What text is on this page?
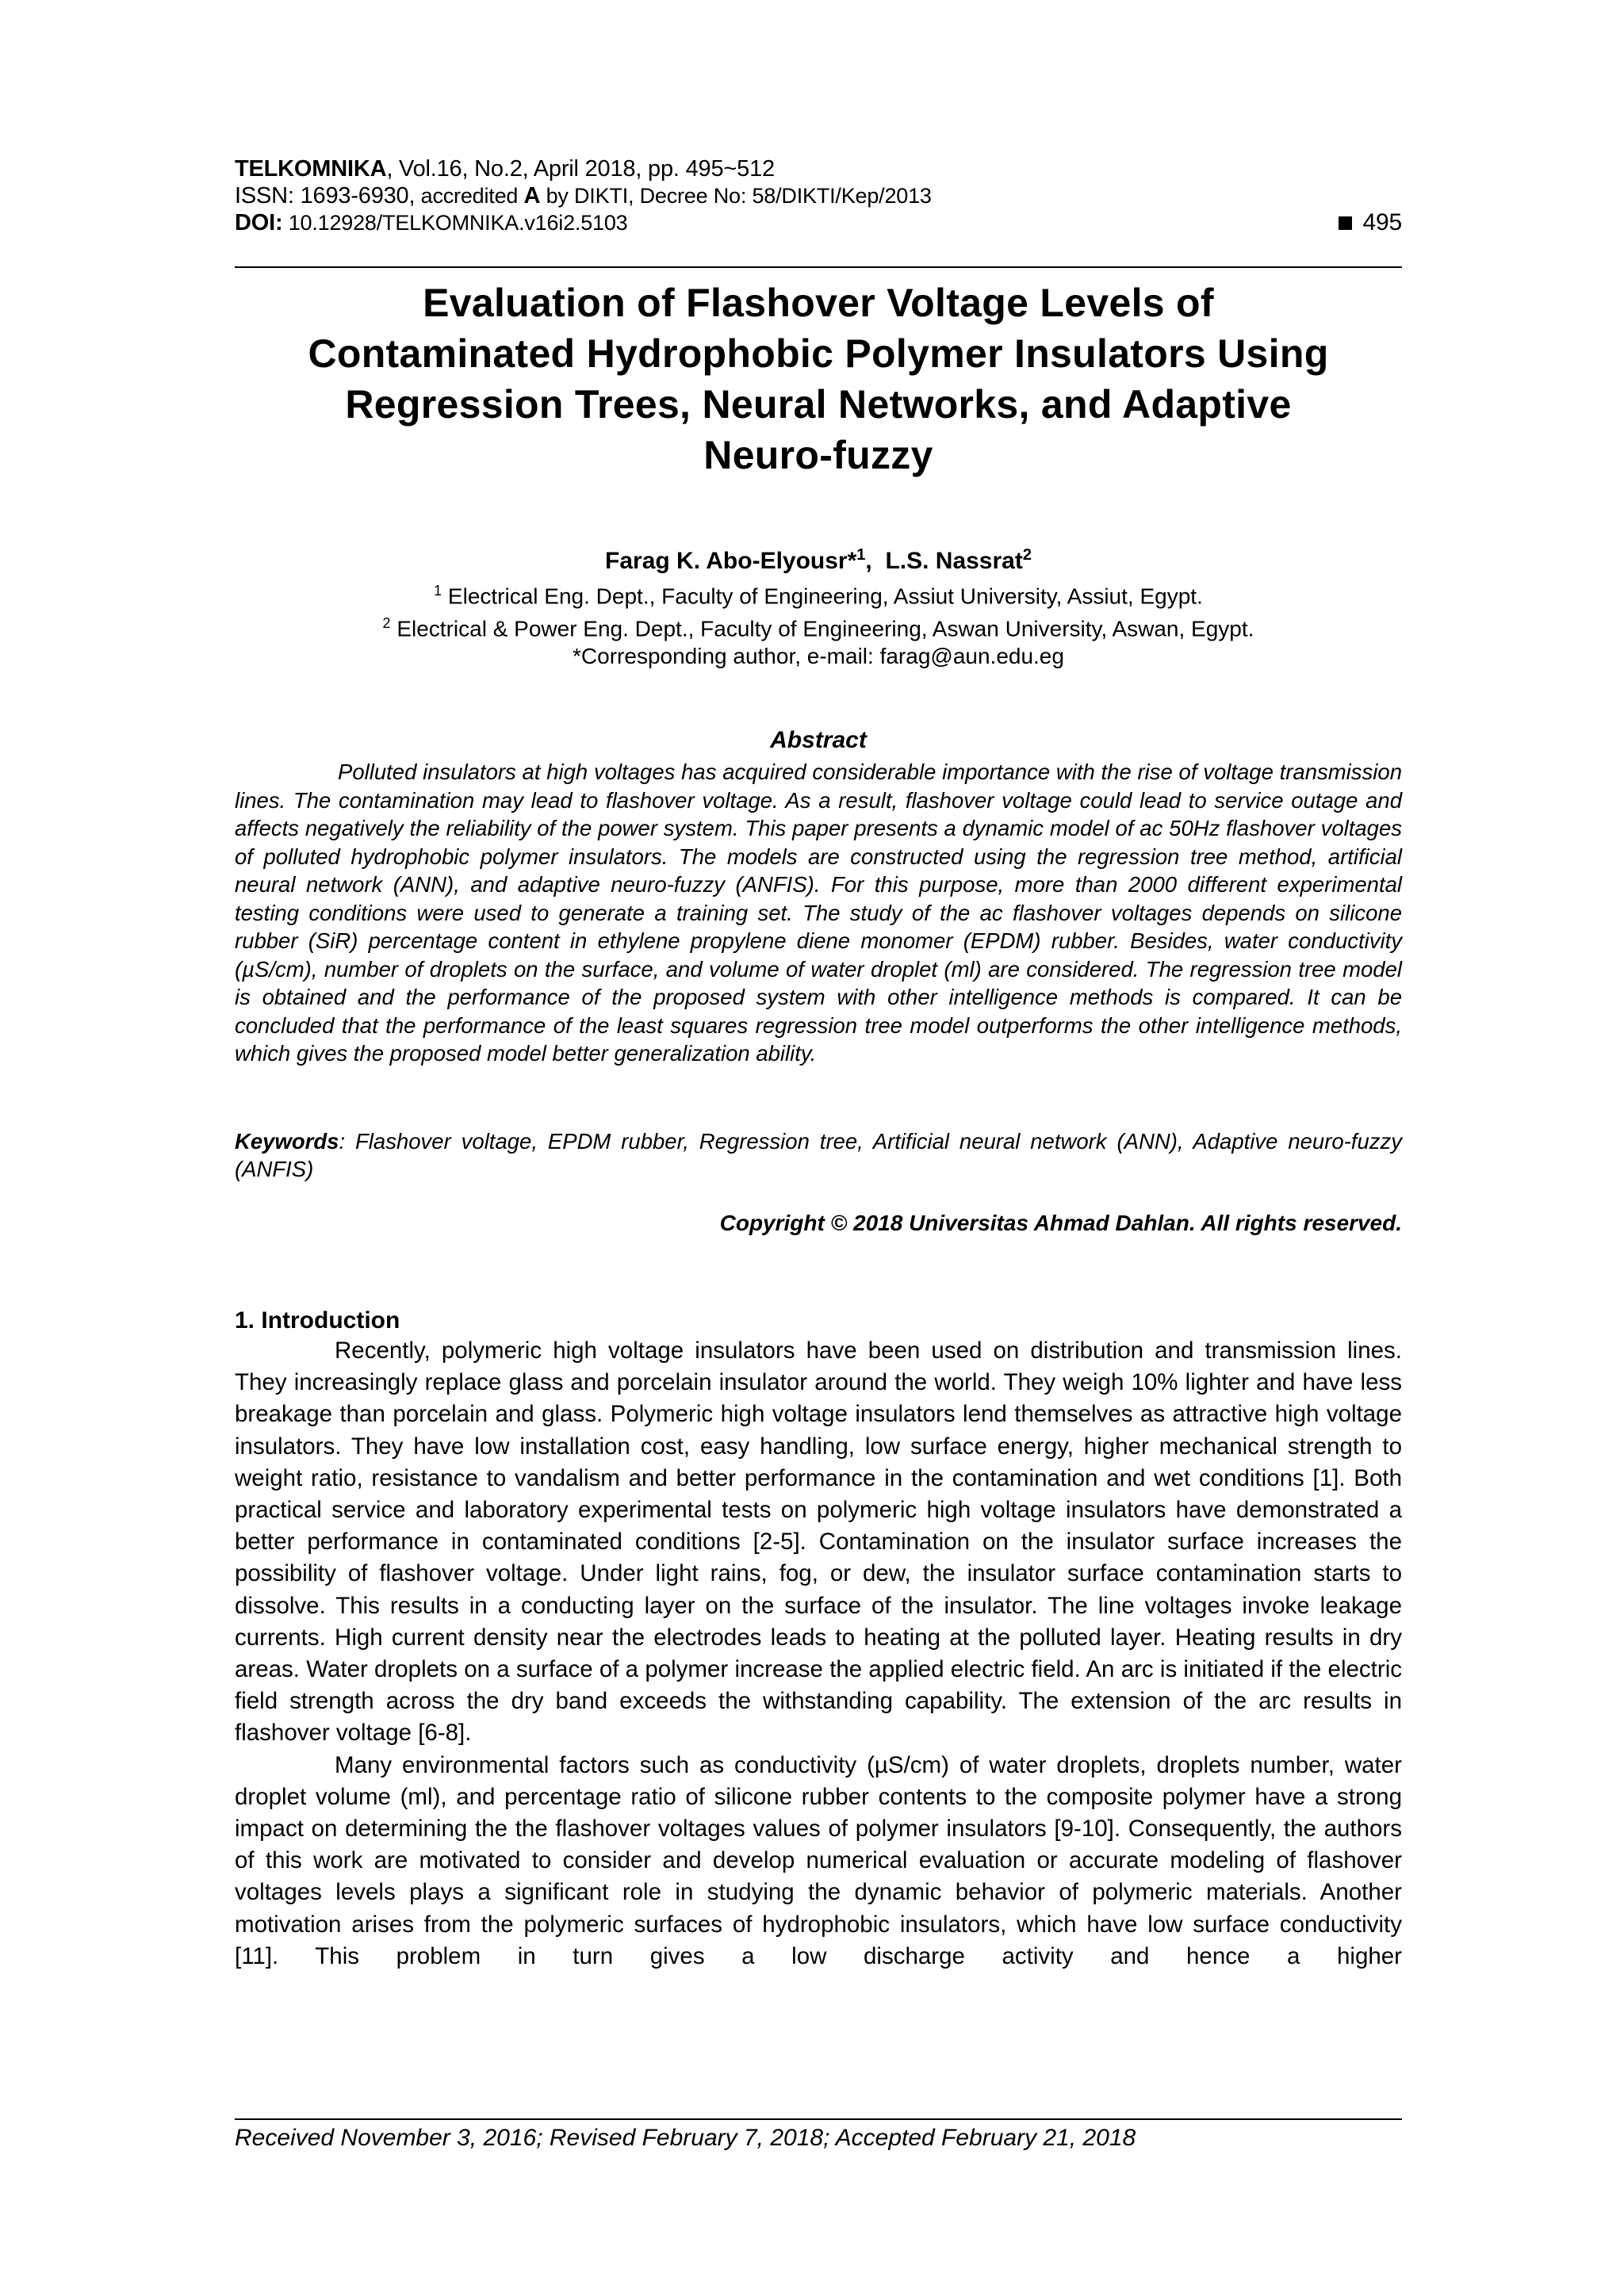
TELKOMNIKA, Vol.16, No.2, April 2018, pp. 495~512
ISSN: 1693-6930, accredited A by DIKTI, Decree No: 58/DIKTI/Kep/2013
DOI: 10.12928/TELKOMNIKA.v16i2.5103	495
Evaluation of Flashover Voltage Levels of
Contaminated Hydrophobic Polymer Insulators Using
Regression Trees, Neural Networks, and Adaptive
Neuro-fuzzy
Farag K. Abo-Elyousr*$^1$,  L.S. Nassrat$^2$
$^1$ Electrical Eng. Dept., Faculty of Engineering, Assiut University, Assiut, Egypt.
$^2$ Electrical & Power Eng. Dept., Faculty of Engineering, Aswan University, Aswan, Egypt.
*Corresponding author, e-mail: farag@aun.edu.eg
Abstract
Polluted insulators at high voltages has acquired considerable importance with the rise of voltage transmission lines. The contamination may lead to flashover voltage. As a result, flashover voltage could lead to service outage and affects negatively the reliability of the power system. This paper presents a dynamic model of ac 50Hz flashover voltages of polluted hydrophobic polymer insulators. The models are constructed using the regression tree method, artificial neural network (ANN), and adaptive neuro-fuzzy (ANFIS). For this purpose, more than 2000 different experimental testing conditions were used to generate a training set. The study of the ac flashover voltages depends on silicone rubber (SiR) percentage content in ethylene propylene diene monomer (EPDM) rubber. Besides, water conductivity (µS/cm), number of droplets on the surface, and volume of water droplet (ml) are considered. The regression tree model is obtained and the performance of the proposed system with other intelligence methods is compared. It can be concluded that the performance of the least squares regression tree model outperforms the other intelligence methods, which gives the proposed model better generalization ability.
Keywords: Flashover voltage, EPDM rubber, Regression tree, Artificial neural network (ANN), Adaptive neuro-fuzzy (ANFIS)
Copyright © 2018 Universitas Ahmad Dahlan. All rights reserved.
1. Introduction

Recently, polymeric high voltage insulators have been used on distribution and transmission lines. They increasingly replace glass and porcelain insulator around the world. They weigh 10% lighter and have less breakage than porcelain and glass. Polymeric high voltage insulators lend themselves as attractive high voltage insulators. They have low installation cost, easy handling, low surface energy, higher mechanical strength to weight ratio, resistance to vandalism and better performance in the contamination and wet conditions [1]. Both practical service and laboratory experimental tests on polymeric high voltage insulators have demonstrated a better performance in contaminated conditions [2-5]. Contamination on the insulator surface increases the possibility of flashover voltage. Under light rains, fog, or dew, the insulator surface contamination starts to dissolve. This results in a conducting layer on the surface of the insulator. The line voltages invoke leakage currents. High current density near the electrodes leads to heating at the polluted layer. Heating results in dry areas. Water droplets on a surface of a polymer increase the applied electric field. An arc is initiated if the electric field strength across the dry band exceeds the withstanding capability. The extension of the arc results in flashover voltage [6-8].

Many environmental factors such as conductivity (µS/cm) of water droplets, droplets number, water droplet volume (ml), and percentage ratio of silicone rubber contents to the composite polymer have a strong impact on determining the the flashover voltages values of polymer insulators [9-10]. Consequently, the authors of this work are motivated to consider and develop numerical evaluation or accurate modeling of flashover voltages levels plays a significant role in studying the dynamic behavior of polymeric materials. Another motivation arises from the polymeric surfaces of hydrophobic insulators, which have low surface conductivity [11]. This problem in turn gives a low discharge activity and hence a higher

Received November 3, 2016; Revised February 7, 2018; Accepted February 21, 2018
